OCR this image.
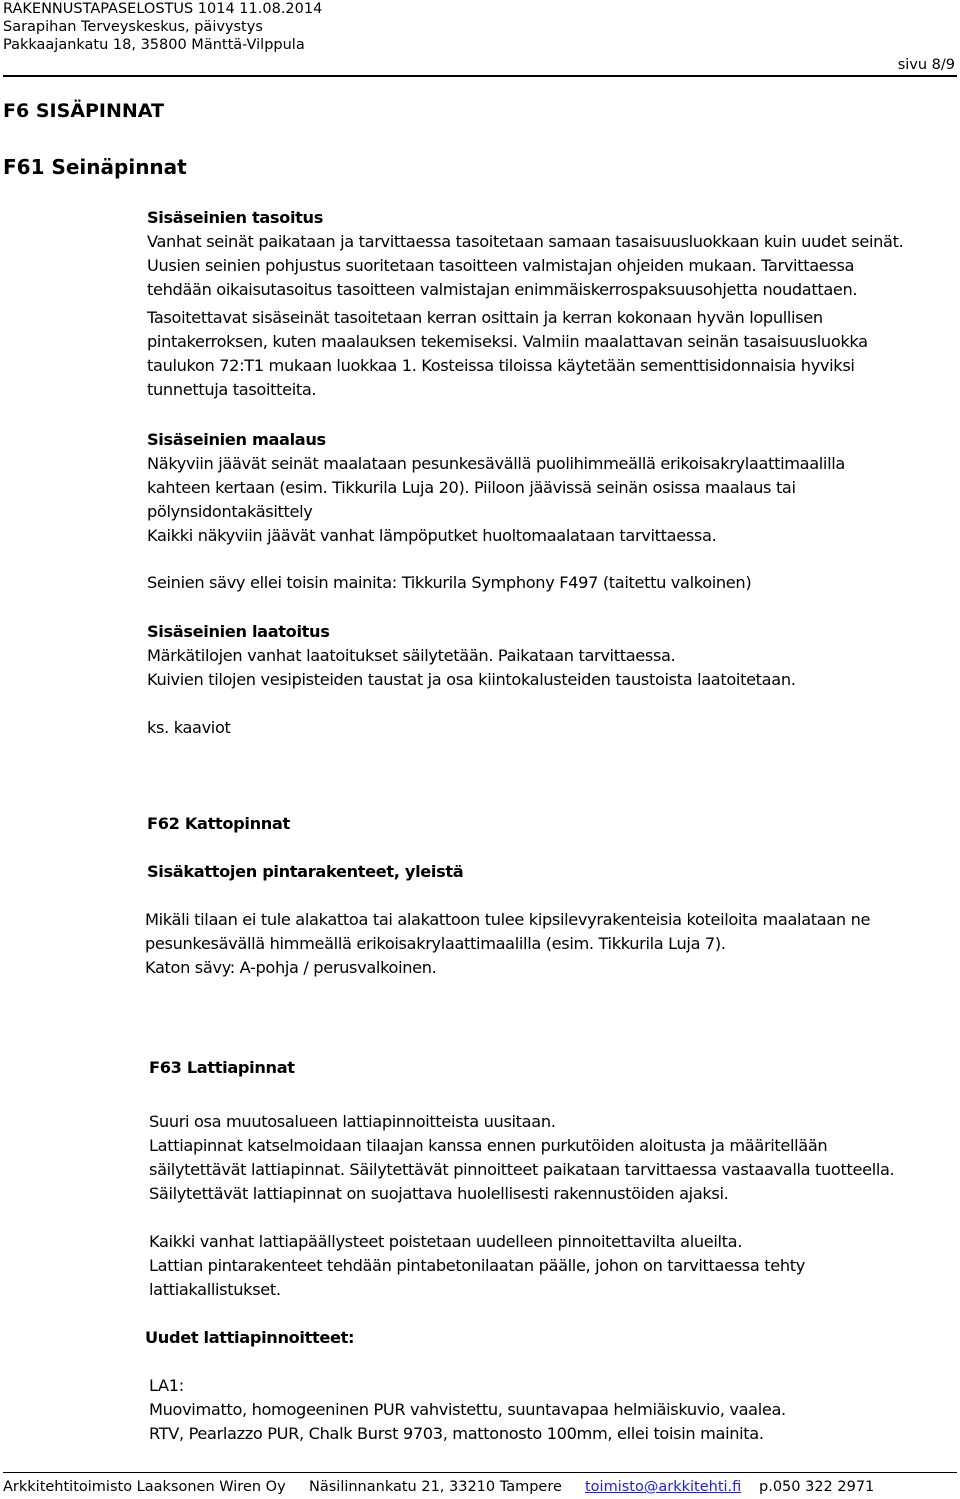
RAKENNUSTAPASELOSTUS 1014 11.08.2014
Sarapihan Terveyskeskus, päivystys
Pakkaajankatu 18, 35800 Mänttä-Vilppula
sivu 8/9
F6 SISÄPINNAT
F61 Seinäpinnat
Sisäseinien tasoitus
Vanhat seinät paikataan ja tarvittaessa tasoitetaan samaan tasaisuusluokkaan kuin uudet seinät.
Uusien seinien pohjustus suoritetaan tasoitteen valmistajan ohjeiden mukaan. Tarvittaessa
tehdään oikaisutasoitus tasoitteen valmistajan enimmäiskerrospaksuusohjetta noudattaen.
Tasoitettavat sisäseinät tasoitetaan kerran osittain ja kerran kokonaan hyvän lopullisen
pintakerroksen, kuten maalauksen tekemiseksi. Valmiin maalattavan seinän tasaisuusluokka
taulukon 72:T1 mukaan luokkaa 1. Kosteissa tiloissa käytetään sementtisidonnaisia hyviksi
tunnettuja tasoitteita.
Sisäseinien maalaus
Näkyviin jäävät seinät maalataan pesunkesävällä puolihimmeällä erikoisakrylaattimaalilla
kahteen kertaan (esim. Tikkurila Luja 20). Piiloon jäävissä seinän osissa maalaus tai
pölynsidontakäsittely
Kaikki näkyviin jäävät vanhat lämpöputket huoltomaalataan tarvittaessa.
Seinien sävy ellei toisin mainita: Tikkurila Symphony F497 (taitettu valkoinen)
Sisäseinien laatoitus
Märkätilojen vanhat laatoitukset säilytetään. Paikataan tarvittaessa.
Kuivien tilojen vesipisteiden taustat ja osa kiintokalusteiden taustoista laatoitetaan.
ks. kaaviot
F62 Kattopinnat
Sisäkattojen pintarakenteet, yleistä
Mikäli tilaan ei tule alakattoa tai alakattoon tulee kipsilevyrakenteisia koteiloita maalataan ne
pesunkesävällä himmeällä erikoisakrylaattimaalilla (esim. Tikkurila Luja 7).
Katon sävy: A-pohja / perusvalkoinen.
F63 Lattiapinnat
Suuri osa muutosalueen lattiapinnoitteista uusitaan.
Lattiapinnat katselmoidaan tilaajan kanssa ennen purkutöiden aloitusta ja määritellään
säilytettävät lattiapinnat. Säilytettävät pinnoitteet paikataan tarvittaessa vastaavalla tuotteella.
Säilytettävät lattiapinnat on suojattava huolellisesti rakennustöiden ajaksi.
Kaikki vanhat lattiapäällysteet poistetaan uudelleen pinnoitettavilta alueilta.
Lattian pintarakenteet tehdään pintabetonilaatan päälle, johon on tarvittaessa tehty
lattiakallistukset.
Uudet lattiapinnoitteet:
LA1:
Muovimatto, homogeeninen PUR vahvistettu, suuntavapaa helmiäiskuvio, vaalea.
RTV, Pearlazzo PUR, Chalk Burst 9703, mattonosto 100mm, ellei toisin mainita.
Arkkitehtitoimisto Laaksonen Wiren Oy Näsilinnankatu 21, 33210 Tampere toimisto@arkkitehti.fi p.050 322 2971
